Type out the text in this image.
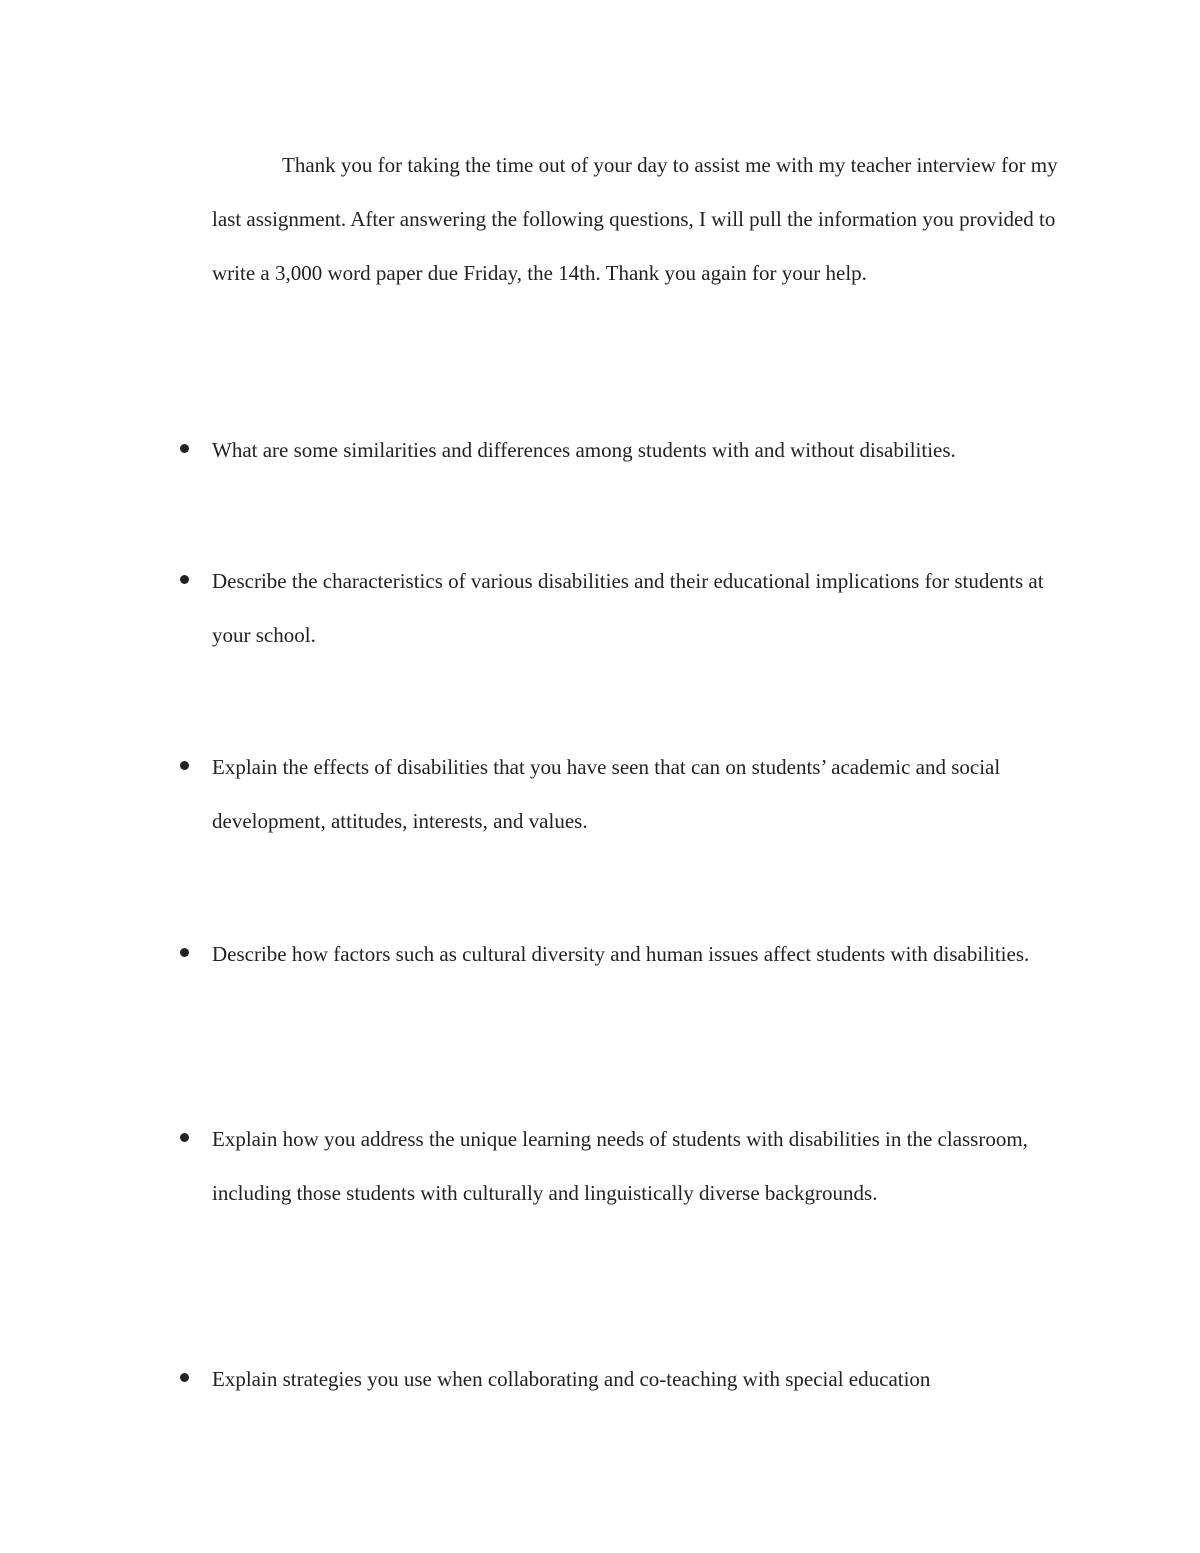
Thank you for taking the time out of your day to assist me with my teacher interview for my last assignment. After answering the following questions, I will pull the information you provided to write a 3,000 word paper due Friday, the 14th. Thank you again for your help.

What are some similarities and differences among students with and without disabilities.
Describe the characteristics of various disabilities and their educational implications for students at your school.
Explain the effects of disabilities that you have seen that can on students’ academic and social development, attitudes, interests, and values.
Describe how factors such as cultural diversity and human issues affect students with disabilities.
Explain how you address the unique learning needs of students with disabilities in the classroom, including those students with culturally and linguistically diverse backgrounds.
Explain strategies you use when collaborating and co-teaching with special education
